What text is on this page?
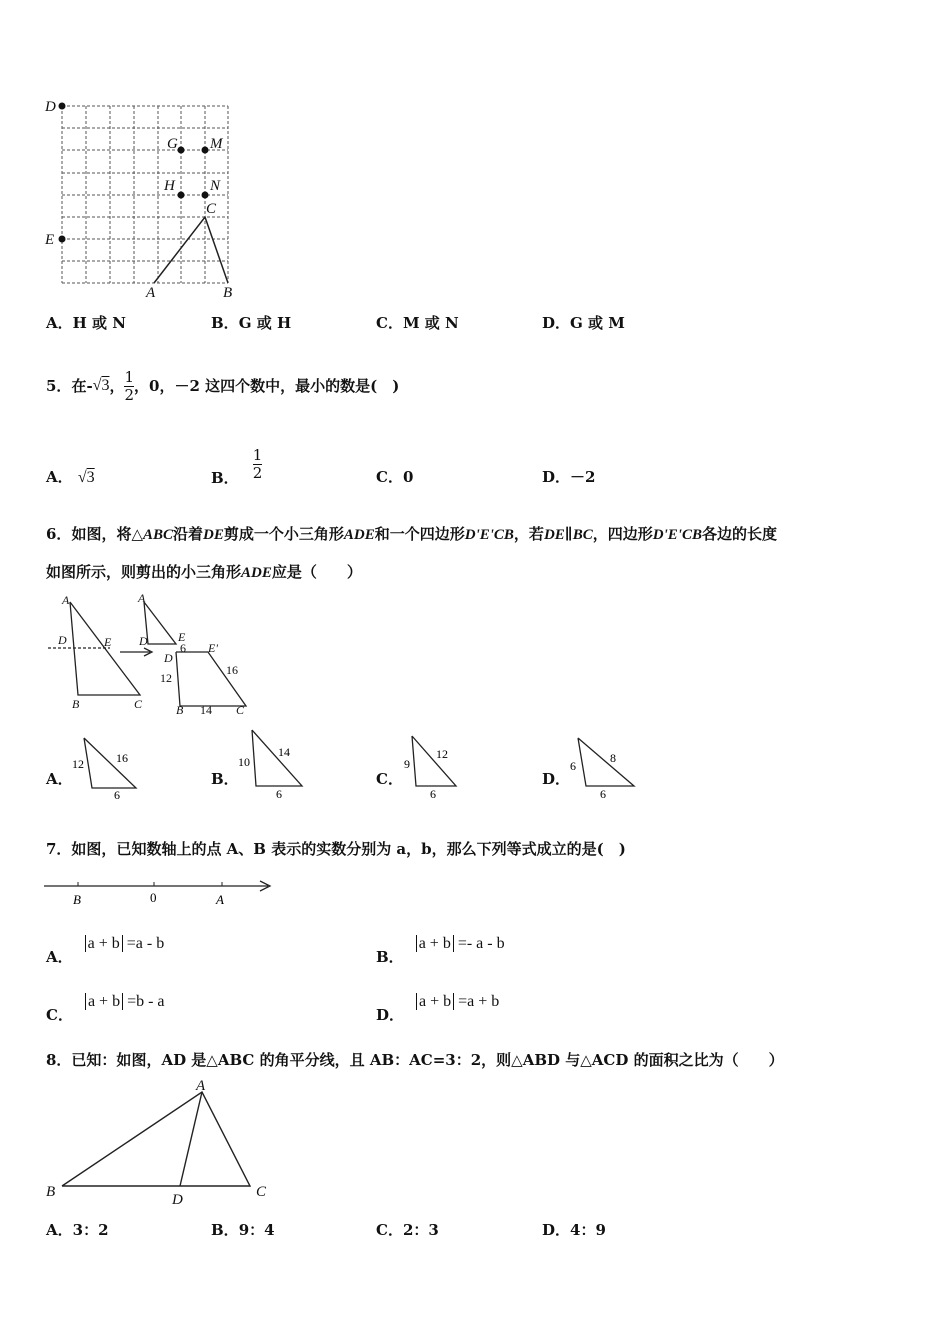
D
G M
H N
C
E
A	B
A．H 或 N	B．G 或 H	C．M 或 N	D．G 或 M
5． 在- √3 ， $\frac{1}{2}$ ，0，－2 这四个数中，最小的数是(　)
A． √3	B． $\frac{1}{2}$	C．0	D．－2
6．如图，将△ABC沿着DE剪成一个小三角形ADE和一个四边形D'E'CB，若DE∥BC，四边形D'E'CB各边的长度
如图所示，则剪出的小三角形ADE应是（　　）
A
D	E
B	C
A
D	E
6
D
E'
12
16
B 14 C
A．
12	16
6
B．
10
14
6
C．
9
12
6
D．
6
8
6
7．如图，已知数轴上的点 A、B 表示的实数分别为 a，b，那么下列等式成立的是(　)
B	0	A
A．
a + b =a - b
B．
a + b =- a - b
C．
a + b =b - a
D．
a + b =a + b
8．已知：如图，AD 是△ABC 的角平分线，且 AB：AC=3：2，则△ABD 与△ACD 的面积之比为（　　）
A
B	C
D
A．3：2	B．9：4	C．2：3	D．4：9
